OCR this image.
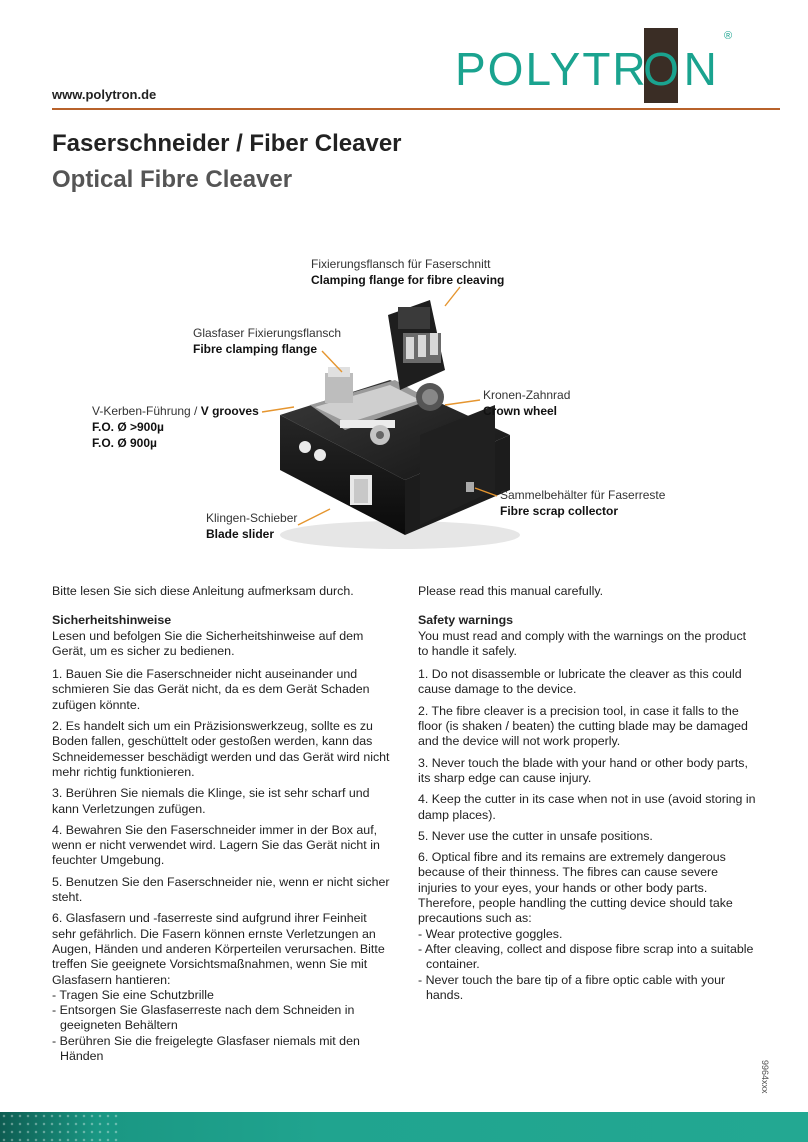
www.polytron.de	POLYTR N
O
®
Faserschneider / Fiber Cleaver
Optical Fibre Cleaver
Fixierungsflansch für Faserschnitt
Clamping flange for fibre cleaving
Glasfaser Fixierungsflansch
Fibre clamping flange
Kronen-Zahnrad
Crown wheel
V-Kerben-Führung / V grooves
F.O. Ø >900µ
F.O. Ø 900µ
Sammelbehälter für Faserreste
Fibre scrap collector
Klingen-Schieber
Blade slider

Bitte lesen Sie sich diese Anleitung aufmerksam durch.

Sicherheitshinweise

Lesen und befolgen Sie die Sicherheitshinweise auf dem Gerät, um es sicher zu bedienen.

1. Bauen Sie die Faserschneider nicht auseinander und schmieren Sie das Gerät nicht, da es dem Gerät Schaden zufügen könnte.

2. Es handelt sich um ein Präzisionswerkzeug, sollte es zu Boden fallen, geschüttelt oder gestoßen werden, kann das Schneidemesser beschädigt werden und das Gerät wird nicht mehr richtig funktionieren.

3. Berühren Sie niemals die Klinge, sie ist sehr scharf und kann Verletzungen zufügen.

4. Bewahren Sie den Faserschneider immer in der Box auf, wenn er nicht verwendet wird. Lagern Sie das Gerät nicht in feuchter Umgebung.

5. Benutzen Sie den Faserschneider nie, wenn er nicht sicher steht.

6. Glasfasern und -faserreste sind aufgrund ihrer Feinheit sehr gefährlich. Die Fasern können ernste Verletzungen an Augen, Händen und anderen Körperteilen verursachen. Bitte treffen Sie geeignete Vorsichtsmaßnahmen, wenn Sie mit Glasfasern hantieren:

- Tragen Sie eine Schutzbrille
- Entsorgen Sie Glasfaserreste nach dem Schneiden in geeigneten Behältern
- Berühren Sie die freigelegte Glasfaser niemals mit den Händen

Please read this manual carefully.

Safety warnings

You must read and comply with the warnings on the product to handle it safely.

1. Do not disassemble or lubricate the cleaver as this could cause damage to the device.

2. The fibre cleaver is a precision tool, in case it falls to the floor (is shaken / beaten) the cutting blade may be damaged and the device will not work properly.

3. Never touch the blade with your hand or other body parts, its sharp edge can cause injury.

4. Keep the cutter in its case when not in use (avoid storing in damp places).

5. Never use the cutter in unsafe positions.

6. Optical fibre and its remains are extremely dangerous because of their thinness. The fibres can cause severe injuries to your eyes, your hands or other body parts. Therefore, people handling the cutting device should take precautions such as:

- Wear protective goggles.
- After cleaving, collect and dispose fibre scrap into a suitable container.
- Never touch the bare tip of a fibre optic cable with your hands.
9964xxx
